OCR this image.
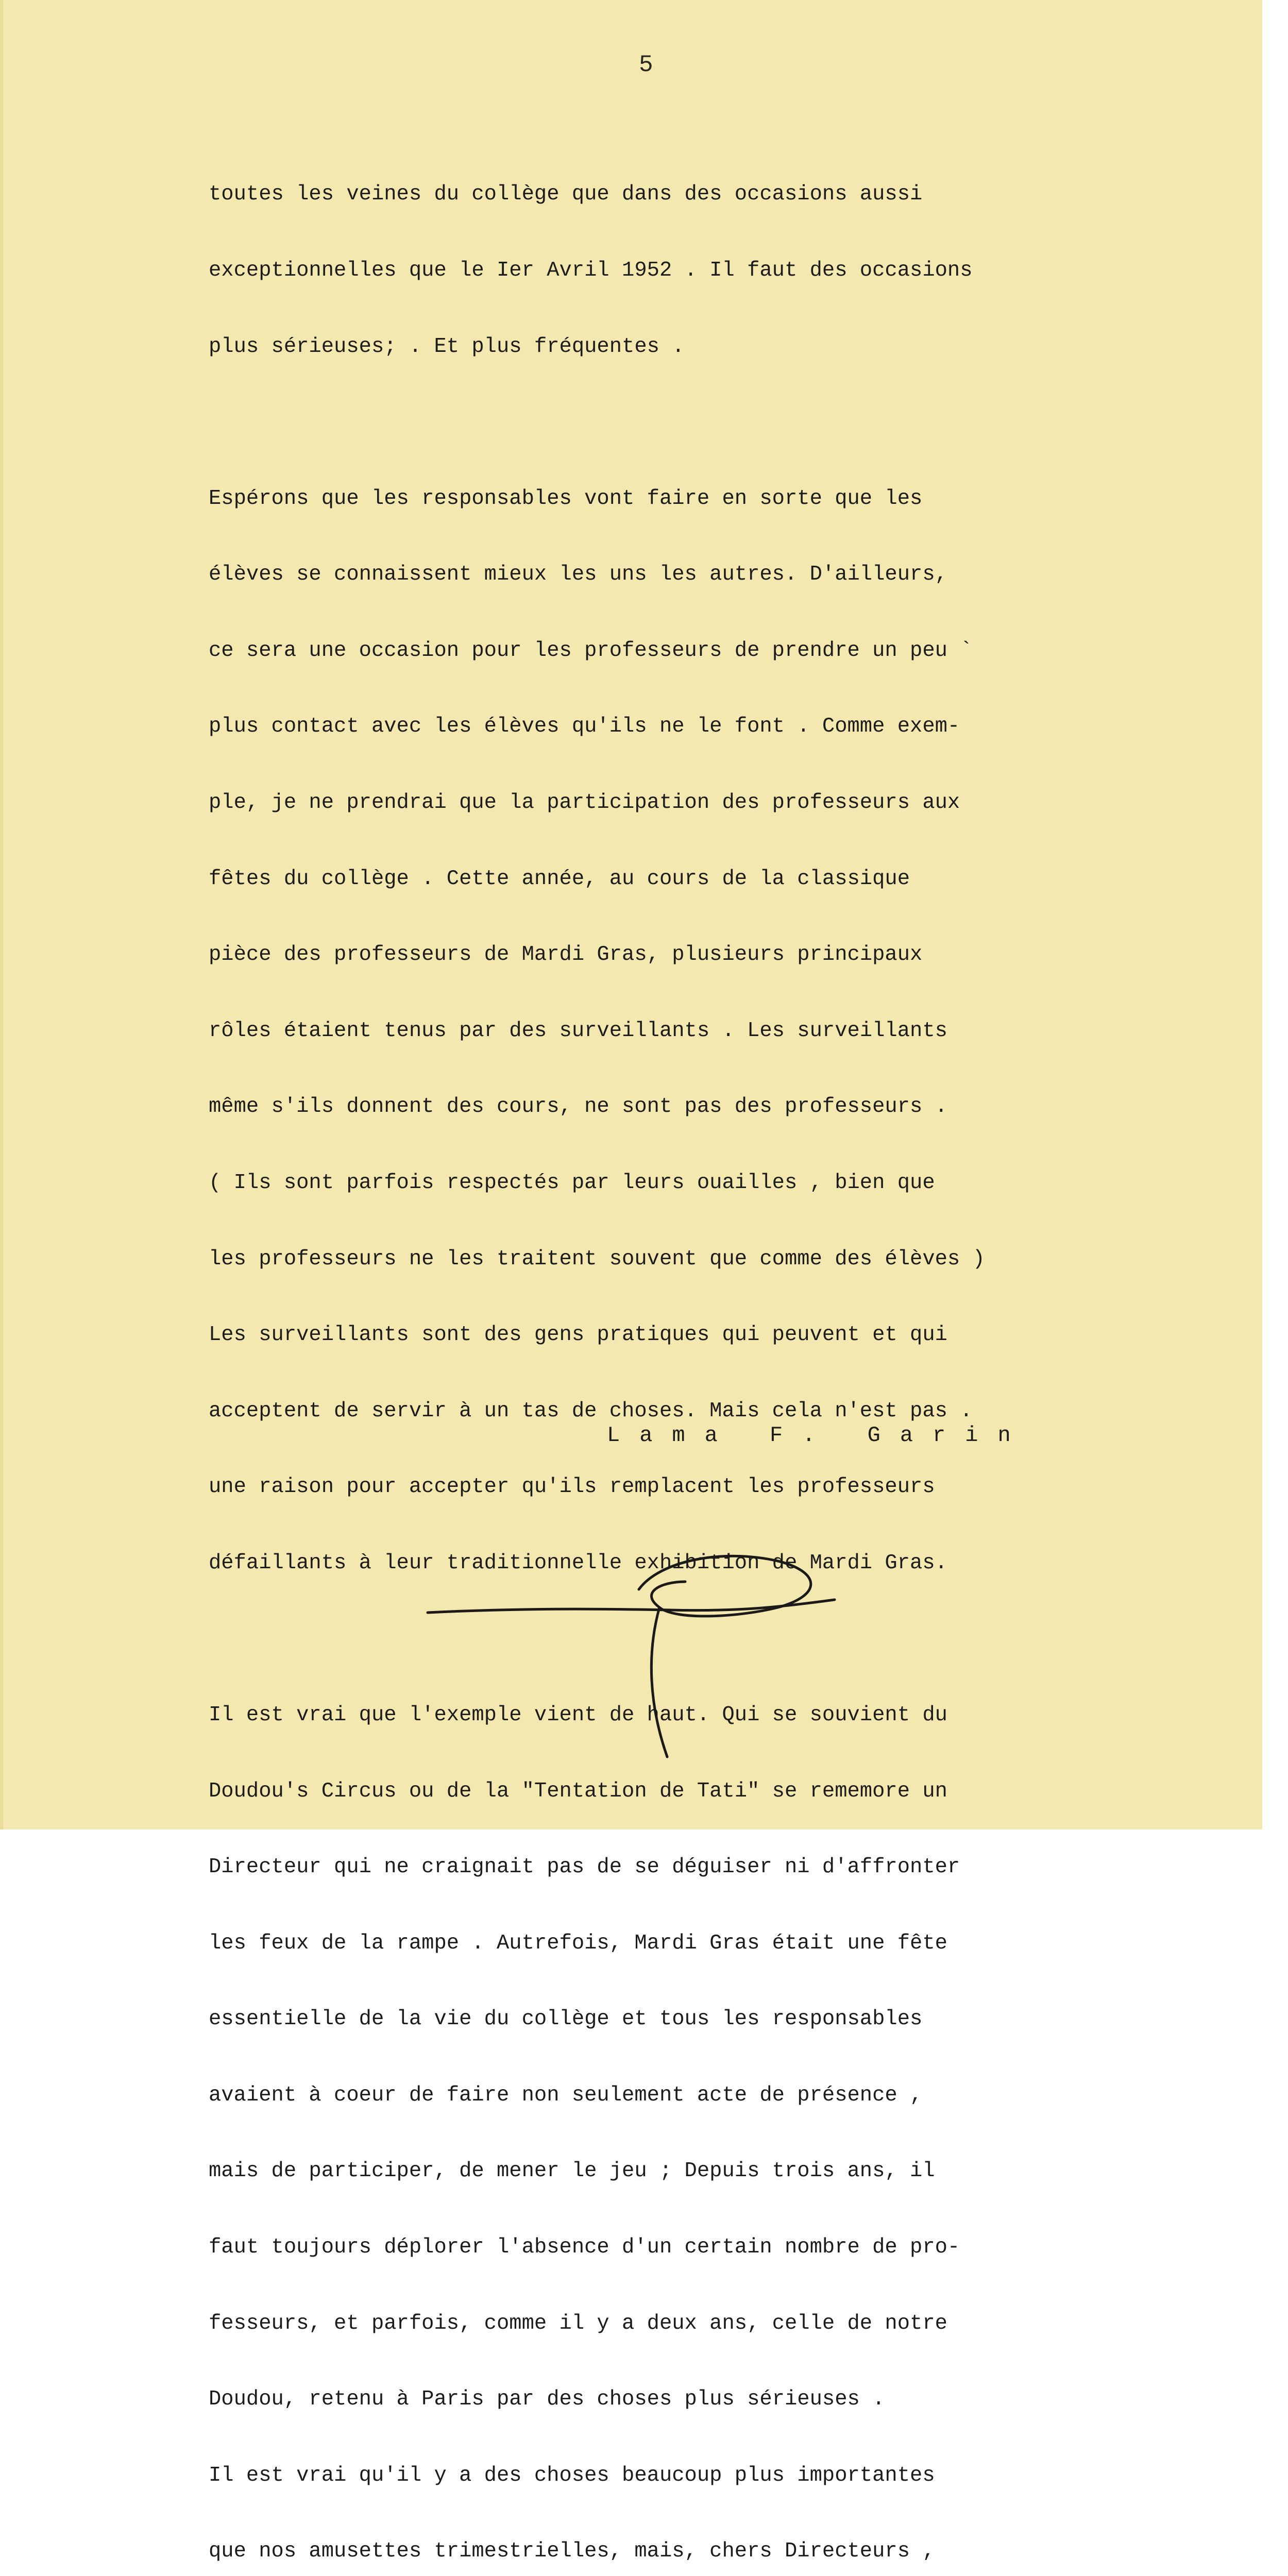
5

toutes les veines du collège que dans des occasions aussi

exceptionnelles que le Ier Avril 1952 . Il faut des occasions

plus sérieuses; . Et plus fréquentes .

Espérons que les responsables vont faire en sorte que les

élèves se connaissent mieux les uns les autres. D'ailleurs,

ce sera une occasion pour les professeurs de prendre un peu `

plus contact avec les élèves qu'ils ne le font . Comme exem-

ple, je ne prendrai que la participation des professeurs aux

fêtes du collège . Cette année, au cours de la classique

pièce des professeurs de Mardi Gras, plusieurs principaux

rôles étaient tenus par des surveillants . Les surveillants

même s'ils donnent des cours, ne sont pas des professeurs .

( Ils sont parfois respectés par leurs ouailles , bien que

les professeurs ne les traitent souvent que comme des élèves )

Les surveillants sont des gens pratiques qui peuvent et qui

acceptent de servir à un tas de choses. Mais cela n'est pas .

une raison pour accepter qu'ils remplacent les professeurs

défaillants à leur traditionnelle exhibition de Mardi Gras.

Il est vrai que l'exemple vient de haut. Qui se souvient du

Doudou's Circus ou de la "Tentation de Tati" se rememore un

Directeur qui ne craignait pas de se déguiser ni d'affronter

les feux de la rampe . Autrefois, Mardi Gras était une fête

essentielle de la vie du collège et tous les responsables

avaient à coeur de faire non seulement acte de présence ,

mais de participer, de mener le jeu ; Depuis trois ans, il

faut toujours déplorer l'absence d'un certain nombre de pro-

fesseurs, et parfois, comme il y a deux ans, celle de notre

Doudou, retenu à Paris par des choses plus sérieuses .

Il est vrai qu'il y a des choses beaucoup plus importantes

que nos amusettes trimestrielles, mais, chers Directeurs ,

Lama F. Garin
